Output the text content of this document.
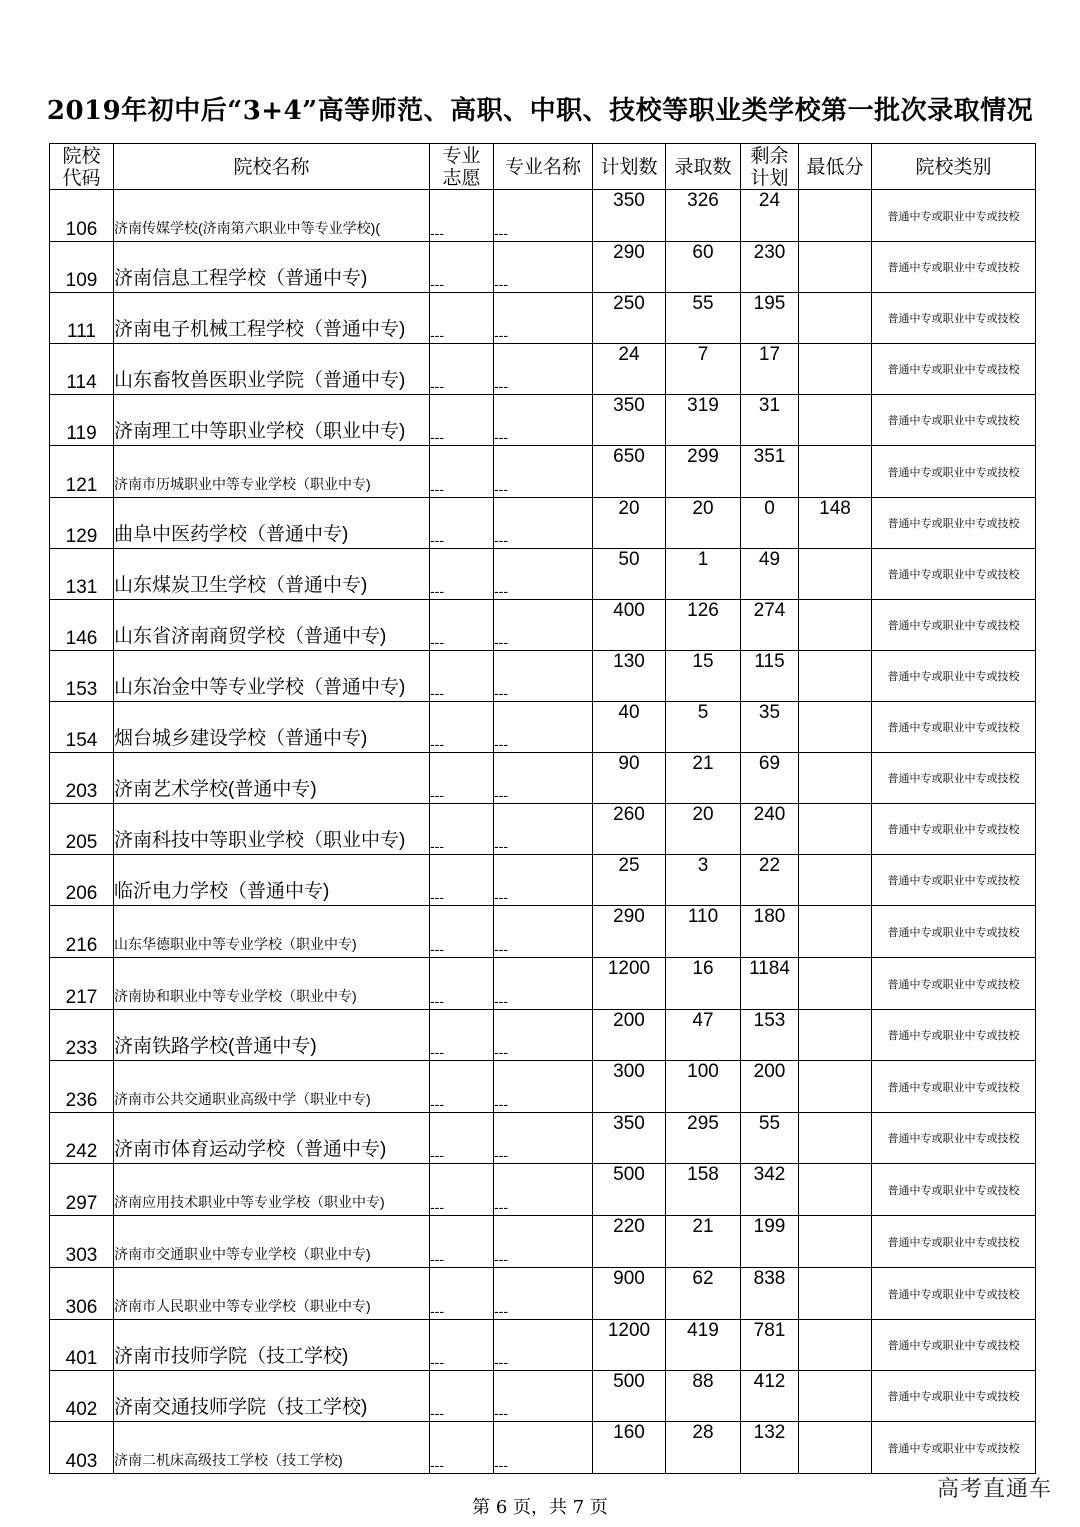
2019年初中后“3+4”高等师范、高职、中职、技校等职业类学校第一批次录取情况
院校代码	院校名称	专业志愿	专业名称	计划数	录取数	剩余计划	最低分	院校类别
106	济南传媒学校(济南第六职业中等专业学校)(	---	---	350	326	24		普通中专或职业中专或技校
109	济南信息工程学校（普通中专)	---	---	290	60	230		普通中专或职业中专或技校
111	济南电子机械工程学校（普通中专)	---	---	250	55	195		普通中专或职业中专或技校
114	山东畜牧兽医职业学院（普通中专)	---	---	24	7	17		普通中专或职业中专或技校
119	济南理工中等职业学校（职业中专)	---	---	350	319	31		普通中专或职业中专或技校
121	济南市历城职业中等专业学校（职业中专)	---	---	650	299	351		普通中专或职业中专或技校
129	曲阜中医药学校（普通中专)	---	---	20	20	0	148	普通中专或职业中专或技校
131	山东煤炭卫生学校（普通中专)	---	---	50	1	49		普通中专或职业中专或技校
146	山东省济南商贸学校（普通中专)	---	---	400	126	274		普通中专或职业中专或技校
153	山东冶金中等专业学校（普通中专)	---	---	130	15	115		普通中专或职业中专或技校
154	烟台城乡建设学校（普通中专)	---	---	40	5	35		普通中专或职业中专或技校
203	济南艺术学校(普通中专)	---	---	90	21	69		普通中专或职业中专或技校
205	济南科技中等职业学校（职业中专)	---	---	260	20	240		普通中专或职业中专或技校
206	临沂电力学校（普通中专)	---	---	25	3	22		普通中专或职业中专或技校
216	山东华德职业中等专业学校（职业中专)	---	---	290	110	180		普通中专或职业中专或技校
217	济南协和职业中等专业学校（职业中专)	---	---	1200	16	1184		普通中专或职业中专或技校
233	济南铁路学校(普通中专)	---	---	200	47	153		普通中专或职业中专或技校
236	济南市公共交通职业高级中学（职业中专)	---	---	300	100	200		普通中专或职业中专或技校
242	济南市体育运动学校（普通中专)	---	---	350	295	55		普通中专或职业中专或技校
297	济南应用技术职业中等专业学校（职业中专)	---	---	500	158	342		普通中专或职业中专或技校
303	济南市交通职业中等专业学校（职业中专)	---	---	220	21	199		普通中专或职业中专或技校
306	济南市人民职业中等专业学校（职业中专)	---	---	900	62	838		普通中专或职业中专或技校
401	济南市技师学院（技工学校)	---	---	1200	419	781		普通中专或职业中专或技校
402	济南交通技师学院（技工学校)	---	---	500	88	412		普通中专或职业中专或技校
403	济南二机床高级技工学校（技工学校)	---	---	160	28	132		普通中专或职业中专或技校
第 6 页，共 7 页
高考直通车
